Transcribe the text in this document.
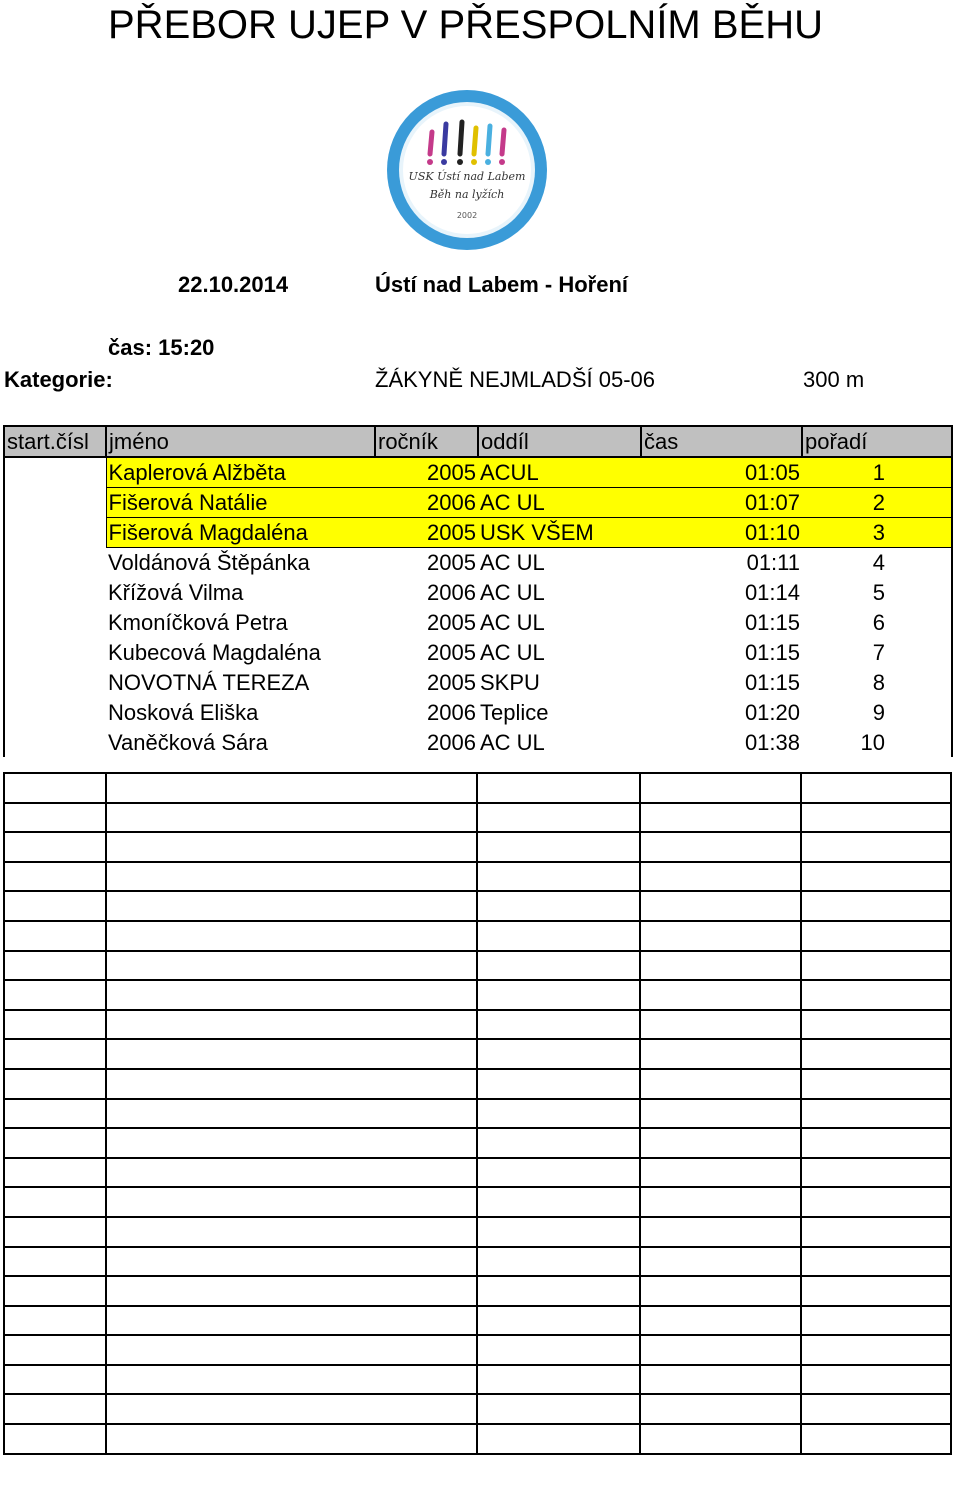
PŘEBOR UJEP V PŘESPOLNÍM BĚHU
USK Ústí nad Labem
Běh na lyžích
2002
22.10.2014	Ústí nad Labem - Hoření
čas: 15:20
Kategorie:	ŽÁKYNĚ NEJMLADŠÍ 05-06	300 m
start.čísl	jméno	ročník	oddíl	čas	pořadí
	Kaplerová Alžběta	2005	ACUL	01:05	1
	Fišerová Natálie	2006	AC UL	01:07	2
	Fišerová Magdaléna	2005	USK VŠEM	01:10	3
	Voldánová Štěpánka	2005	AC UL	01:11	4
	Křížová Vilma	2006	AC UL	01:14	5
	Kmoníčková Petra	2005	AC UL	01:15	6
	Kubecová Magdaléna	2005	AC UL	01:15	7
	NOVOTNÁ TEREZA	2005	SKPU	01:15	8
	Nosková Eliška	2006	Teplice	01:20	9
	Vaněčková Sára	2006	AC UL	01:38	10
